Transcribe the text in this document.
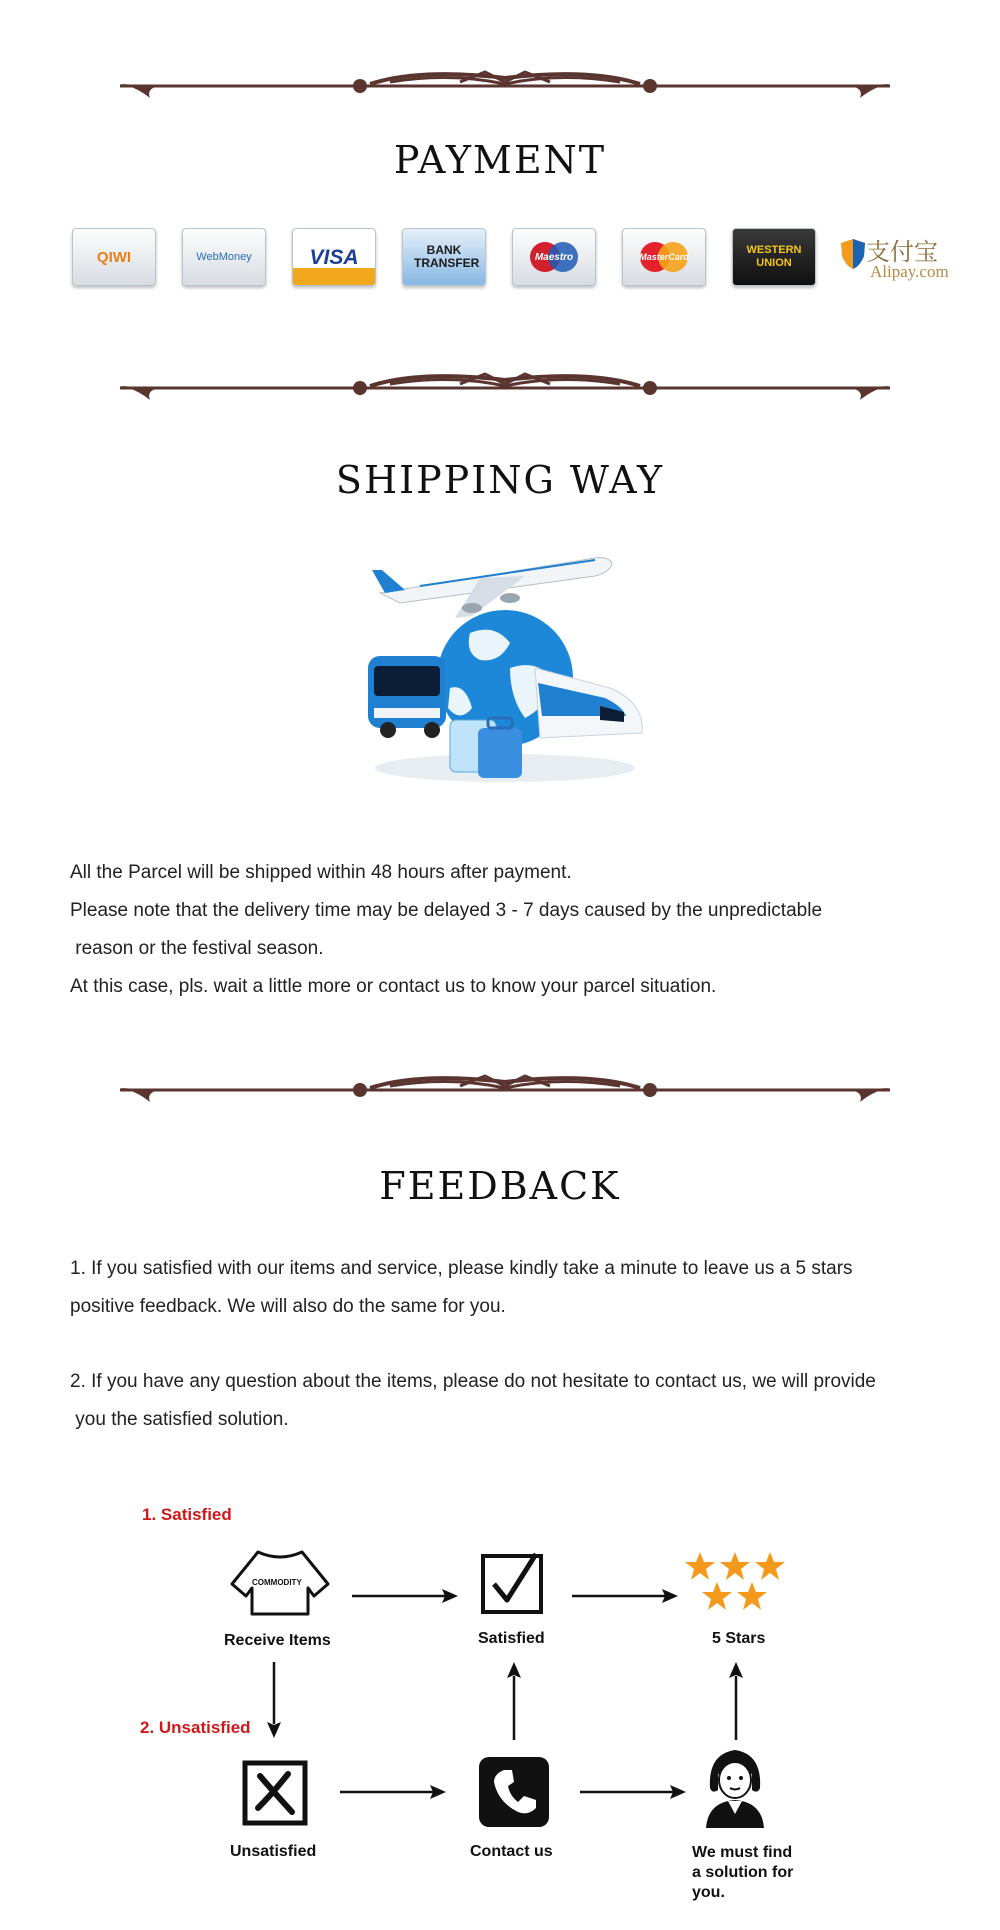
PAYMENT
QIWI	WebMoney	VISA	BANK TRANSFER	Maestro	MasterCard
WESTERN UNION	支付宝
Alipay.com
SHIPPING WAY
All the Parcel will be shipped within 48 hours after payment.
Please note that the delivery time may be delayed 3 - 7 days caused by the unpredictable
reason or the festival season.
At this case, pls. wait a little more or contact us to know your parcel situation.
FEEDBACK
1. If you satisfied with our items and service, please kindly take a minute to leave us a 5 stars
positive feedback. We will also do the same for you.
2. If you have any question about the items, please do not hesitate to contact us, we will provide
you the satisfied solution.
1. Satisfied
2. Unsatisfied
COMMODITY
Receive Items	Satisfied	5 Stars
Unsatisfied	Contact us	We must find
a solution for
you.
